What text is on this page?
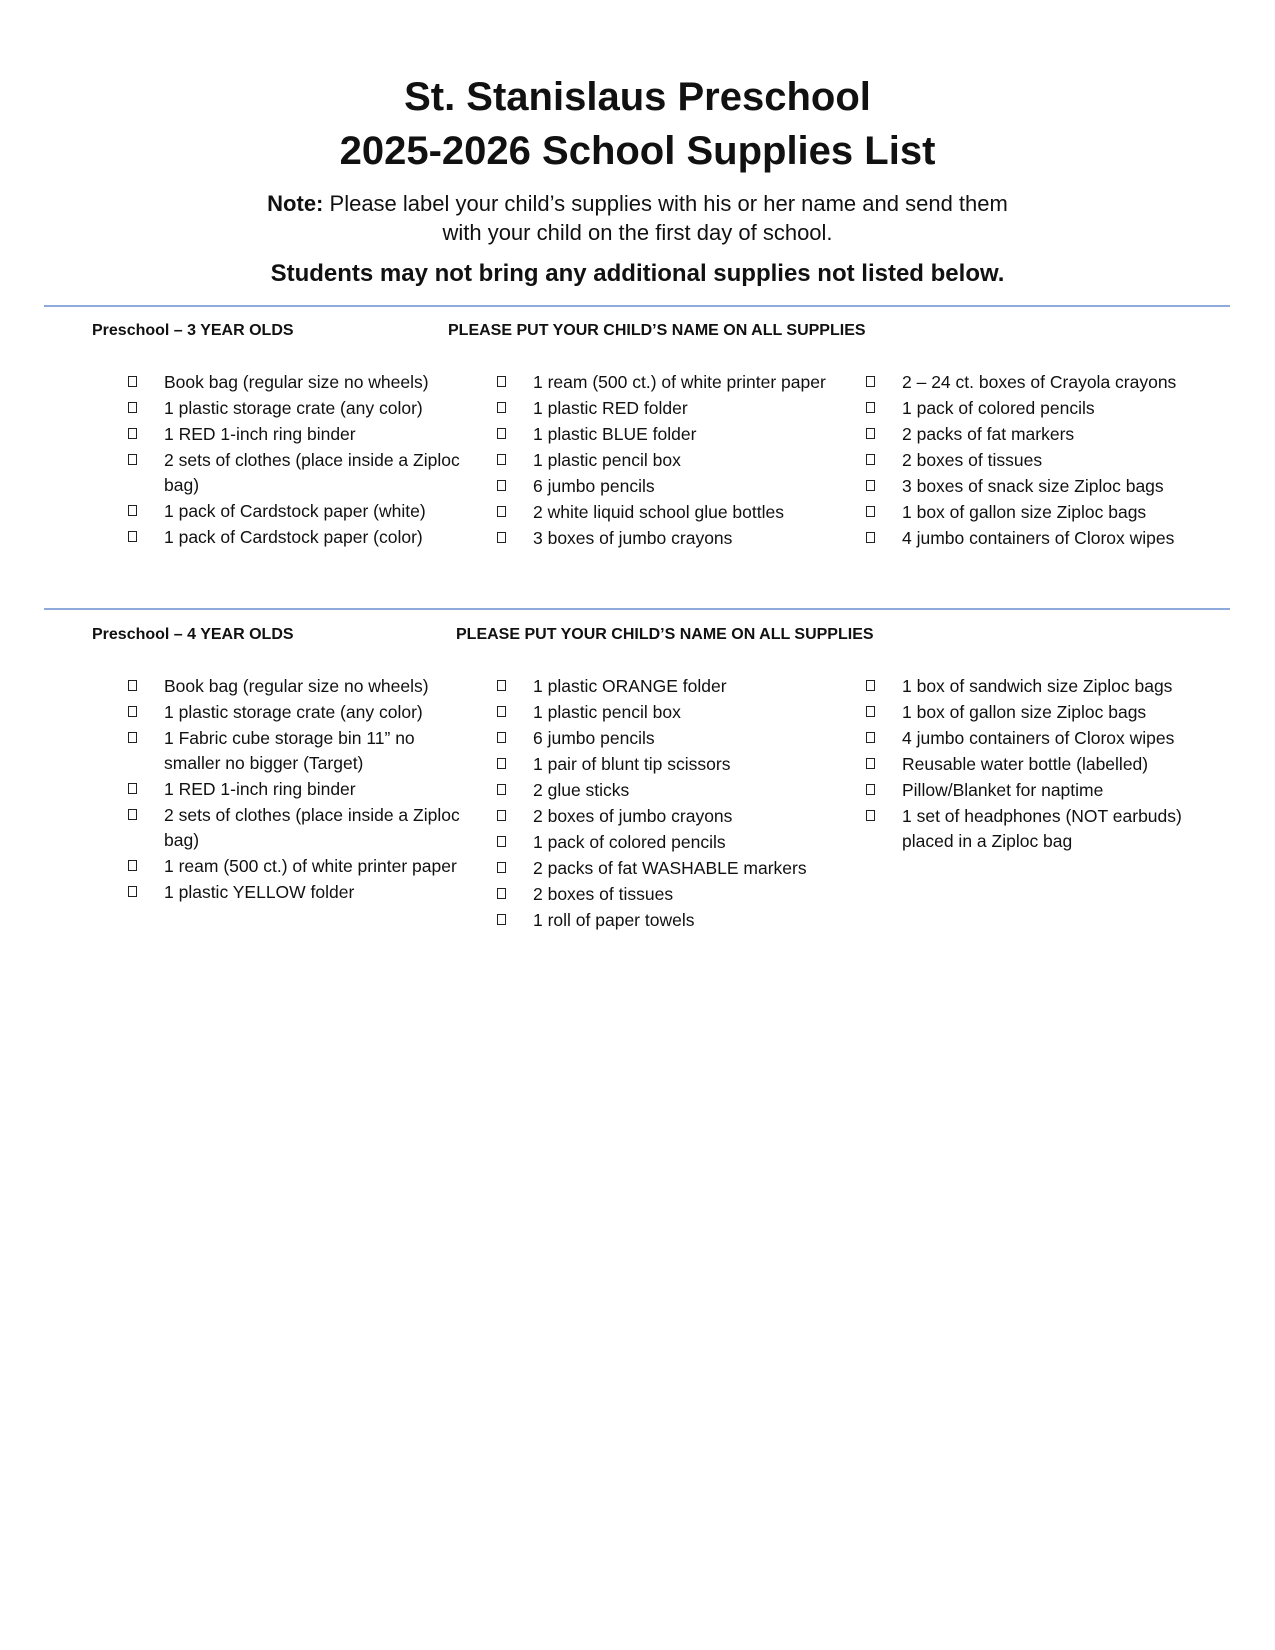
St. Stanislaus Preschool
2025-2026 School Supplies List
Note: Please label your child’s supplies with his or her name and send them
with your child on the first day of school.
Students may not bring any additional supplies not listed below.
Preschool – 3 YEAR OLDS	PLEASE PUT YOUR CHILD’S NAME ON ALL SUPPLIES
Book bag (regular size no wheels)
1 plastic storage crate (any color)
1 RED 1-inch ring binder
2 sets of clothes (place inside a Ziploc bag)
1 pack of Cardstock paper (white)
1 pack of Cardstock paper (color)
1 ream (500 ct.) of white printer paper
1 plastic RED folder
1 plastic BLUE folder
1 plastic pencil box
6 jumbo pencils
2 white liquid school glue bottles
3 boxes of jumbo crayons
2 – 24 ct. boxes of Crayola crayons
1 pack of colored pencils
2 packs of fat markers
2 boxes of tissues
3 boxes of snack size Ziploc bags
1 box of gallon size Ziploc bags
4 jumbo containers of Clorox wipes
Preschool – 4 YEAR OLDS	PLEASE PUT YOUR CHILD’S NAME ON ALL SUPPLIES
Book bag (regular size no wheels)
1 plastic storage crate (any color)
1 Fabric cube storage bin 11” no smaller no bigger (Target)
1 RED 1-inch ring binder
2 sets of clothes (place inside a Ziploc bag)
1 ream (500 ct.) of white printer paper
1 plastic YELLOW folder
1 plastic ORANGE folder
1 plastic pencil box
6 jumbo pencils
1 pair of blunt tip scissors
2 glue sticks
2 boxes of jumbo crayons
1 pack of colored pencils
2 packs of fat WASHABLE markers
2 boxes of tissues
1 roll of paper towels
1 box of sandwich size Ziploc bags
1 box of gallon size Ziploc bags
4 jumbo containers of Clorox wipes
Reusable water bottle (labelled)
Pillow/Blanket for naptime
1 set of headphones (NOT earbuds) placed in a Ziploc bag
